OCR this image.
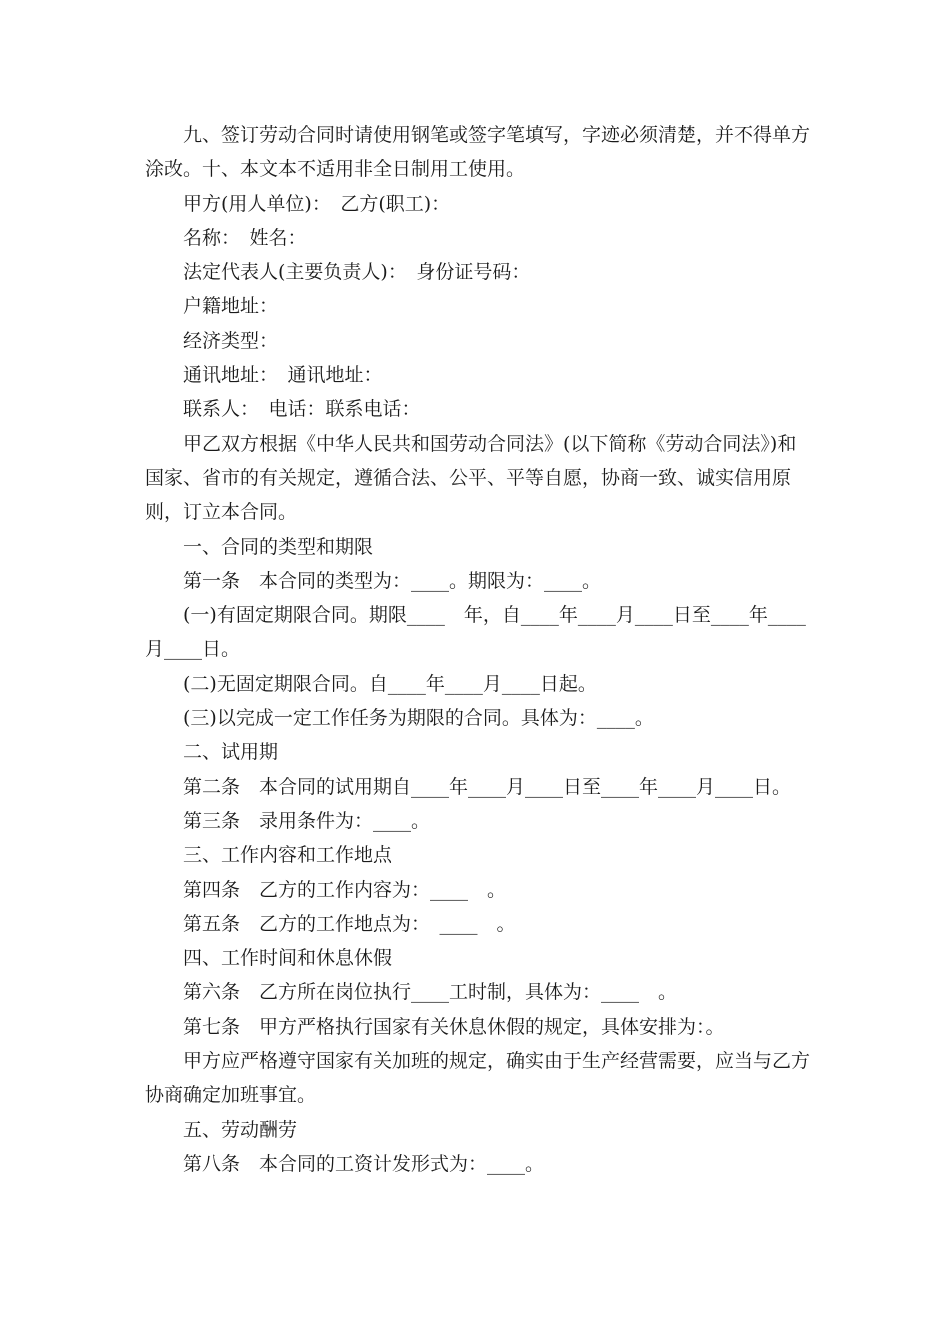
九、签订劳动合同时请使用钢笔或签字笔填写，字迹必须清楚，并不得单方涂改。十、本文本不适用非全日制用工使用。

甲方(用人单位)：　乙方(职工)：

名称：　姓名：

法定代表人(主要负责人)：　身份证号码：

户籍地址：

经济类型：

通讯地址：　通讯地址：

联系人：　电话：联系电话：

甲乙双方根据《中华人民共和国劳动合同法》(以下简称《劳动合同法》)和国家、省市的有关规定，遵循合法、公平、平等自愿，协商一致、诚实信用原则，订立本合同。

一、合同的类型和期限

第一条　本合同的类型为：____。期限为：____。

(一)有固定期限合同。期限____　年，自____年____月____日至____年____月____日。

(二)无固定期限合同。自____年____月____日起。

(三)以完成一定工作任务为期限的合同。具体为：____。

二、试用期

第二条　本合同的试用期自____年____月____日至____年____月____日。

第三条　录用条件为：____。

三、工作内容和工作地点

第四条　乙方的工作内容为：____　。

第五条　乙方的工作地点为：　____　。

四、工作时间和休息休假

第六条　乙方所在岗位执行____工时制，具体为：____　。

第七条　甲方严格执行国家有关休息休假的规定，具体安排为：。

甲方应严格遵守国家有关加班的规定，确实由于生产经营需要，应当与乙方协商确定加班事宜。

五、劳动酬劳

第八条　本合同的工资计发形式为：____。
